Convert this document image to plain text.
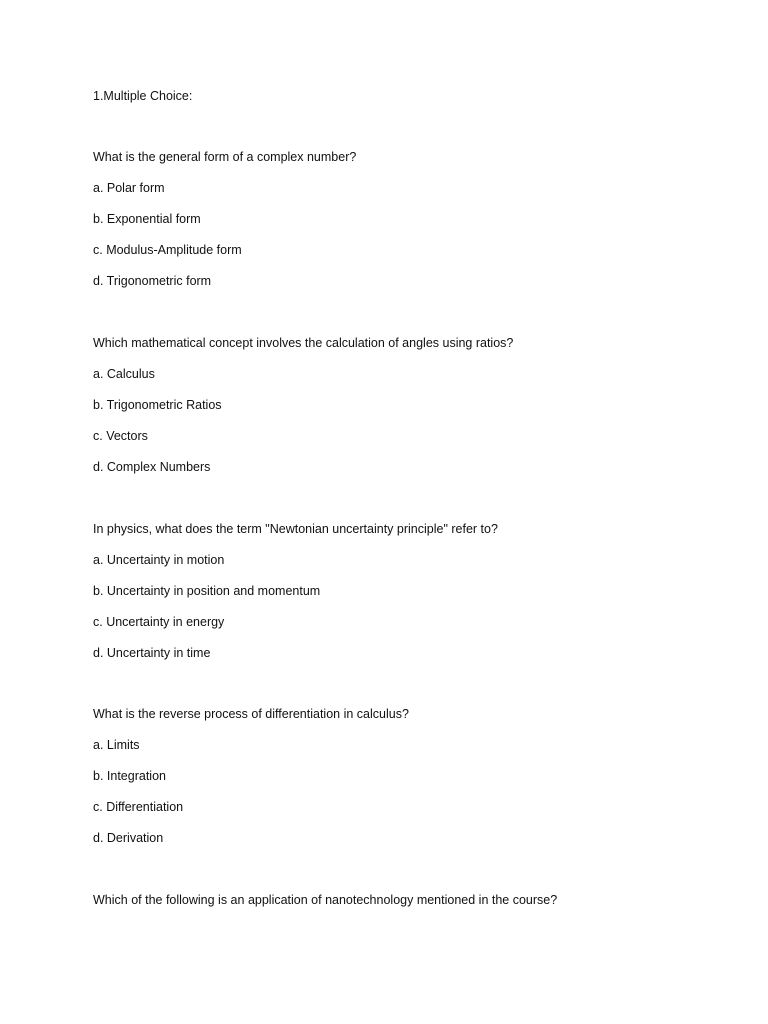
1.Multiple Choice:
What is the general form of a complex number?
a. Polar form
b. Exponential form
c. Modulus-Amplitude form
d. Trigonometric form
Which mathematical concept involves the calculation of angles using ratios?
a. Calculus
b. Trigonometric Ratios
c. Vectors
d. Complex Numbers
In physics, what does the term "Newtonian uncertainty principle" refer to?
a. Uncertainty in motion
b. Uncertainty in position and momentum
c. Uncertainty in energy
d. Uncertainty in time
What is the reverse process of differentiation in calculus?
a. Limits
b. Integration
c. Differentiation
d. Derivation
Which of the following is an application of nanotechnology mentioned in the course?
